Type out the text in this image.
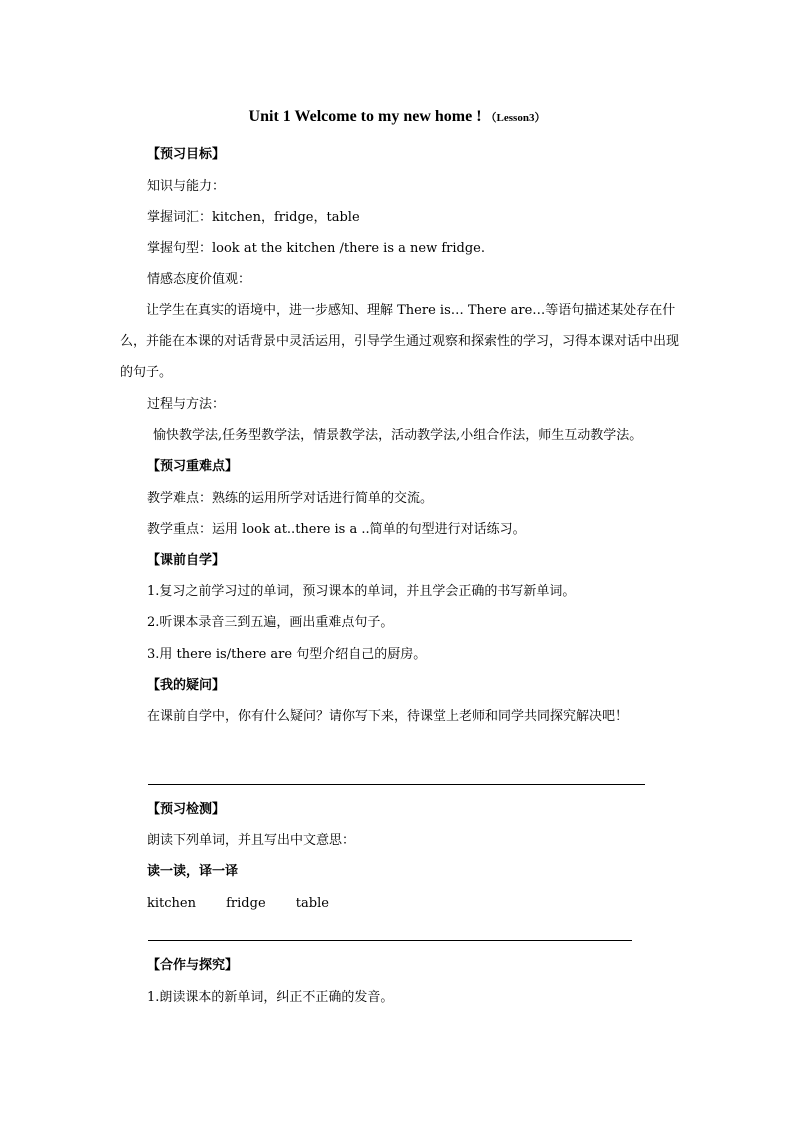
Unit 1 Welcome to my new home ! （Lesson3）
【预习目标】
知识与能力：
掌握词汇：kitchen，fridge，table
掌握句型：look at the kitchen /there is a new fridge.
情感态度价值观：
让学生在真实的语境中，进一步感知、理解 There is… There are…等语句描述某处存在什么，并能在本课的对话背景中灵活运用，引导学生通过观察和探索性的学习，习得本课对话中出现的句子。
过程与方法：
愉快教学法,任务型教学法，情景教学法，活动教学法,小组合作法，师生互动教学法。
【预习重难点】
教学难点：熟练的运用所学对话进行简单的交流。
教学重点：运用 look at..there is a ..简单的句型进行对话练习。
【课前自学】
1.复习之前学习过的单词，预习课本的单词，并且学会正确的书写新单词。
2.听课本录音三到五遍，画出重难点句子。
3.用 there is/there are 句型介绍自己的厨房。
【我的疑问】
在课前自学中，你有什么疑问？请你写下来，待课堂上老师和同学共同探究解决吧！
【预习检测】
朗读下列单词，并且写出中文意思：
读一读，译一译
kitchen fridge table
【合作与探究】
1.朗读课本的新单词，纠正不正确的发音。
